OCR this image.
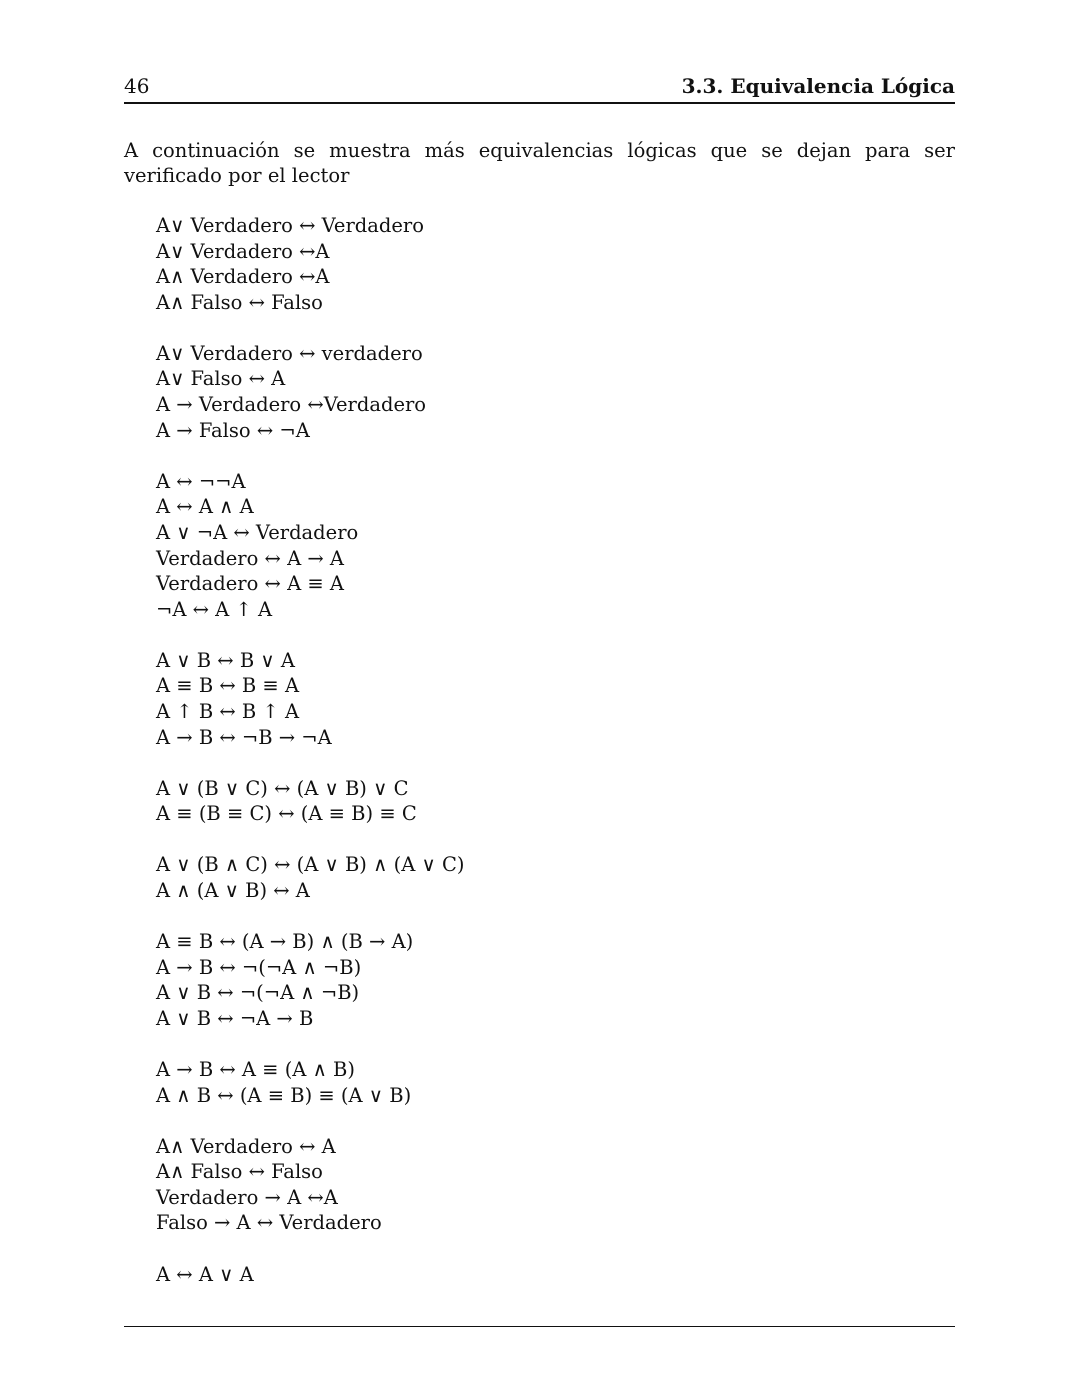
46	3.3. Equivalencia Lógica
A continuación se muestra más equivalencias lógicas que se dejan para ser verificado por el lector
A∨ Verdadero ↔ Verdadero
A∨ Verdadero ↔A
A∧ Verdadero ↔A
A∧ Falso ↔ Falso
A∨ Verdadero ↔ verdadero
A∨ Falso ↔ A
A → Verdadero ↔Verdadero
A → Falso ↔ ¬A
A ↔ ¬¬A
A ↔ A ∧ A
A ∨ ¬A ↔ Verdadero
Verdadero ↔ A → A
Verdadero ↔ A ≡ A
¬A ↔ A ↑ A
A ∨ B ↔ B ∨ A
A ≡ B ↔ B ≡ A
A ↑ B ↔ B ↑ A
A → B ↔ ¬B → ¬A
A ∨ (B ∨ C) ↔ (A ∨ B) ∨ C
A ≡ (B ≡ C) ↔ (A ≡ B) ≡ C
A ∨ (B ∧ C) ↔ (A ∨ B) ∧ (A ∨ C)
A ∧ (A ∨ B) ↔ A
A ≡ B ↔ (A → B) ∧ (B → A)
A → B ↔ ¬(¬A ∧ ¬B)
A ∨ B ↔ ¬(¬A ∧ ¬B)
A ∨ B ↔ ¬A → B
A → B ↔ A ≡ (A ∧ B)
A ∧ B ↔ (A ≡ B) ≡ (A ∨ B)
A∧ Verdadero ↔ A
A∧ Falso ↔ Falso
Verdadero → A ↔A
Falso → A ↔ Verdadero
A ↔ A ∨ A
